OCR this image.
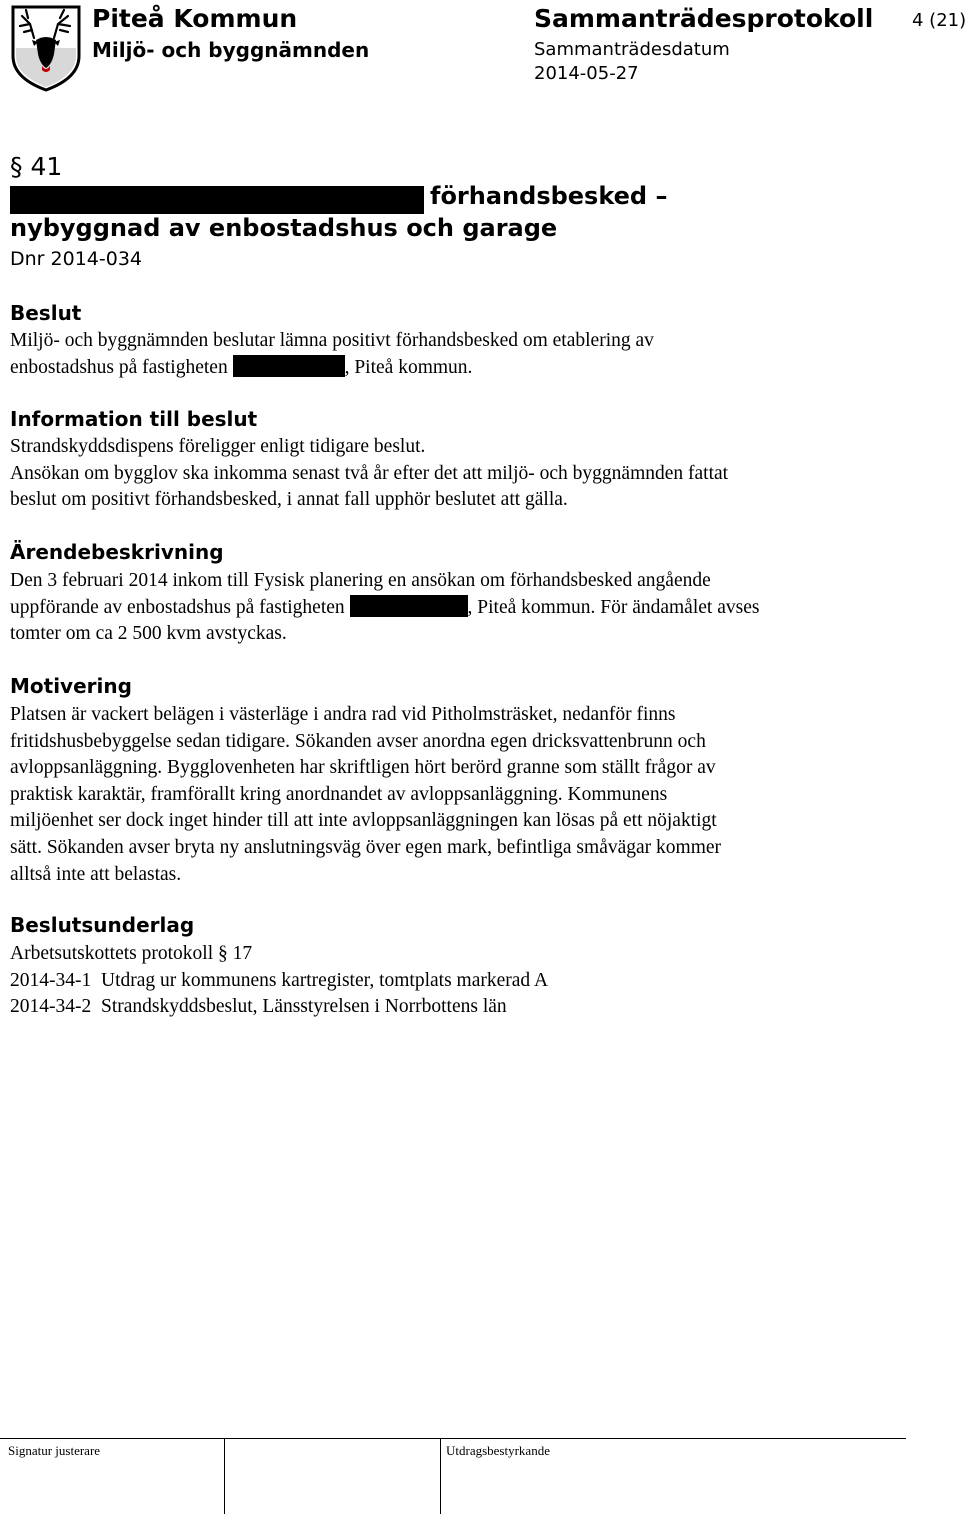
Piteå Kommun
Miljö- och byggnämnden
Sammanträdesprotokoll
Sammanträdesdatum
2014-05-27
4 (21)
§ 41
förhandsbesked –
nybyggnad av enbostadshus och garage
Dnr 2014-034
Beslut
Miljö- och byggnämnden beslutar lämna positivt förhandsbesked om etablering av
enbostadshus på fastigheten	, Piteå kommun.
Information till beslut
Strandskyddsdispens föreligger enligt tidigare beslut.
Ansökan om bygglov ska inkomma senast två år efter det att miljö- och byggnämnden fattat
beslut om positivt förhandsbesked, i annat fall upphör beslutet att gälla.
Ärendebeskrivning
Den 3 februari 2014 inkom till Fysisk planering en ansökan om förhandsbesked angående
uppförande av enbostadshus på fastigheten	, Piteå kommun. För ändamålet avses
tomter om ca 2 500 kvm avstyckas.
Motivering
Platsen är vackert belägen i västerläge i andra rad vid Pitholmsträsket, nedanför finns
fritidshusbebyggelse sedan tidigare. Sökanden avser anordna egen dricksvattenbrunn och
avloppsanläggning. Bygglovenheten har skriftligen hört berörd granne som ställt frågor av
praktisk karaktär, framförallt kring anordnandet av avloppsanläggning. Kommunens
miljöenhet ser dock inget hinder till att inte avloppsanläggningen kan lösas på ett nöjaktigt
sätt. Sökanden avser bryta ny anslutningsväg över egen mark, befintliga småvägar kommer
alltså inte att belastas.
Beslutsunderlag
Arbetsutskottets protokoll § 17
2014-34-1  Utdrag ur kommunens kartregister, tomtplats markerad A
2014-34-2  Strandskyddsbeslut, Länsstyrelsen i Norrbottens län
Signatur justerare	Utdragsbestyrkande
